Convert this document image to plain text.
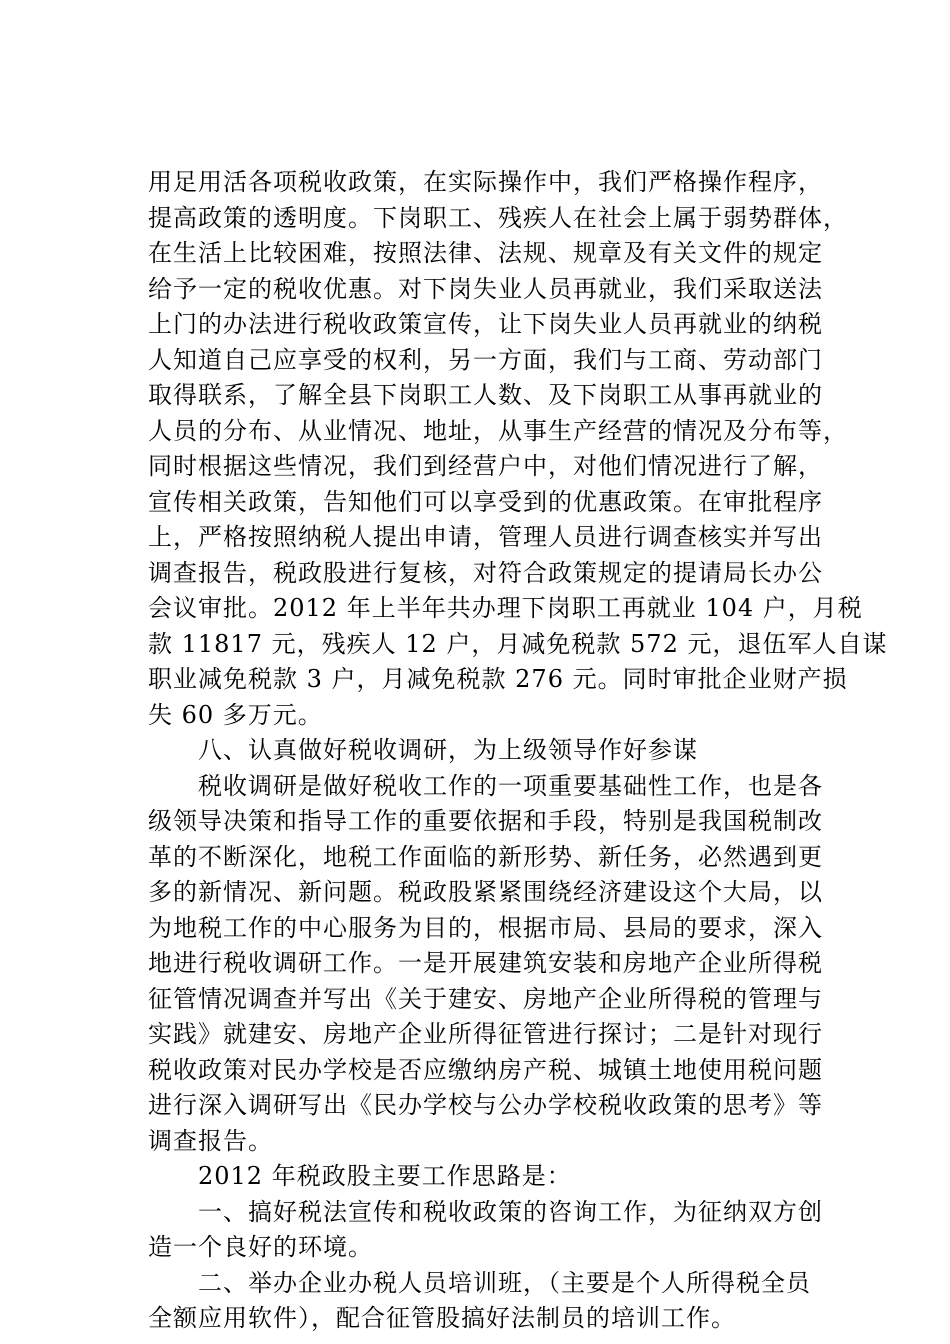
用足用活各项税收政策，在实际操作中，我们严格操作程序，
提高政策的透明度。下岗职工、残疾人在社会上属于弱势群体，
在生活上比较困难，按照法律、法规、规章及有关文件的规定
给予一定的税收优惠。对下岗失业人员再就业，我们采取送法
上门的办法进行税收政策宣传，让下岗失业人员再就业的纳税
人知道自己应享受的权利，另一方面，我们与工商、劳动部门
取得联系，了解全县下岗职工人数、及下岗职工从事再就业的
人员的分布、从业情况、地址，从事生产经营的情况及分布等，
同时根据这些情况，我们到经营户中，对他们情况进行了解，
宣传相关政策，告知他们可以享受到的优惠政策。在审批程序
上，严格按照纳税人提出申请，管理人员进行调查核实并写出
调查报告，税政股进行复核，对符合政策规定的提请局长办公
会议审批。2012 年上半年共办理下岗职工再就业 104 户，月税
款 11817 元，残疾人 12 户，月减免税款 572 元，退伍军人自谋
职业减免税款 3 户，月减免税款 276 元。同时审批企业财产损
失 60 多万元。
　　八、认真做好税收调研，为上级领导作好参谋
　　税收调研是做好税收工作的一项重要基础性工作，也是各
级领导决策和指导工作的重要依据和手段，特别是我国税制改
革的不断深化，地税工作面临的新形势、新任务，必然遇到更
多的新情况、新问题。税政股紧紧围绕经济建设这个大局，以
为地税工作的中心服务为目的，根据市局、县局的要求，深入
地进行税收调研工作。一是开展建筑安装和房地产企业所得税
征管情况调查并写出《关于建安、房地产企业所得税的管理与
实践》就建安、房地产企业所得征管进行探讨；二是针对现行
税收政策对民办学校是否应缴纳房产税、城镇土地使用税问题
进行深入调研写出《民办学校与公办学校税收政策的思考》等
调查报告。
　　2012 年税政股主要工作思路是：
　　一、搞好税法宣传和税收政策的咨询工作，为征纳双方创
造一个良好的环境。
　　二、举办企业办税人员培训班，（主要是个人所得税全员
全额应用软件），配合征管股搞好法制员的培训工作。
